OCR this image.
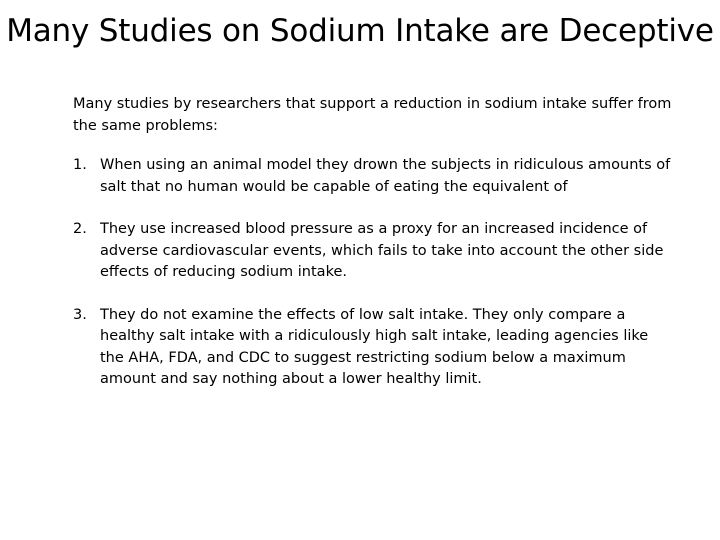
Many Studies on Sodium Intake are Deceptive

Many studies by researchers that support a reduction in sodium intake suffer from the same problems:

1. When using an animal model they drown the subjects in ridiculous amounts of salt that no human would be capable of eating the equivalent of
2. They use increased blood pressure as a proxy for an increased incidence of adverse cardiovascular events, which fails to take into account the other side effects of reducing sodium intake.
3. They do not examine the effects of low salt intake. They only compare a healthy salt intake with a ridiculously high salt intake, leading agencies like the AHA, FDA, and CDC to suggest restricting sodium below a maximum amount and say nothing about a lower healthy limit.
